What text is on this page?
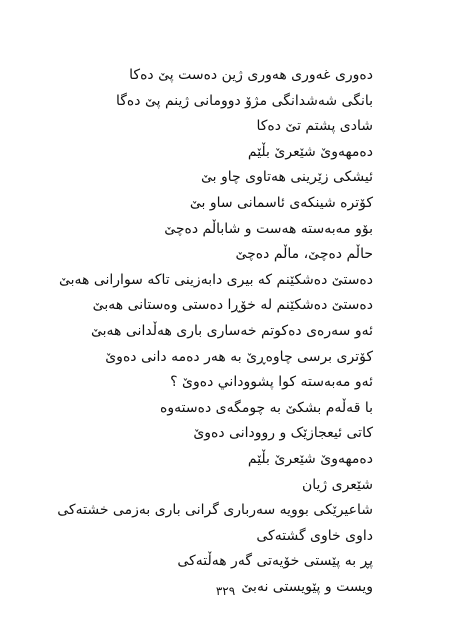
دەوری غەوری هەوری ژین دەست پێ دەکا
بانگی شەشدانگی مژۆ دوومانی ژینم پێ دەگا
شادی پشتم تێ دەکا
دەمهەوێ شێعرێ بڵێم
ئیشکی زێرینی هەتاوی چاو بێ
کۆتره شینکەی ئاسمانی ساو بێ
بۆو مەبەستە هەست و شاباڵم دەچێ
حاڵم دەچێ، ماڵم دەچێ
دەستێ دەشکێنم کە بیری دابەزینی تاکە سوارانی هەبێ
دەستێ دەشکێنم لە خۆڕا دەستی وەستانی هەبێ
ئەو سەرەی دەکوتم خەساری باری هەڵدانی هەبێ
کۆتری برسی چاوەڕێ بە هەر دەمە دانی دەوێ
ئەو مەبەستە کوا پشووداني دەوێ ؟
با قەڵەم بشکێ بە چومگەی دەستەوە
کاتی ئیعجازێک و روودانی دەوێ
دەمهەوێ شێعرێ بڵێم
شێعری ژیان
شاعیرێکی بوویە سەرباری گرانی باری بەزمی خشتەکی
داوی خاوی گشتەکی
پڕ بە پێستی خۆیەتی گەر هەڵتەکی
ویست و پێویستی نەبێ
٣٢٩
